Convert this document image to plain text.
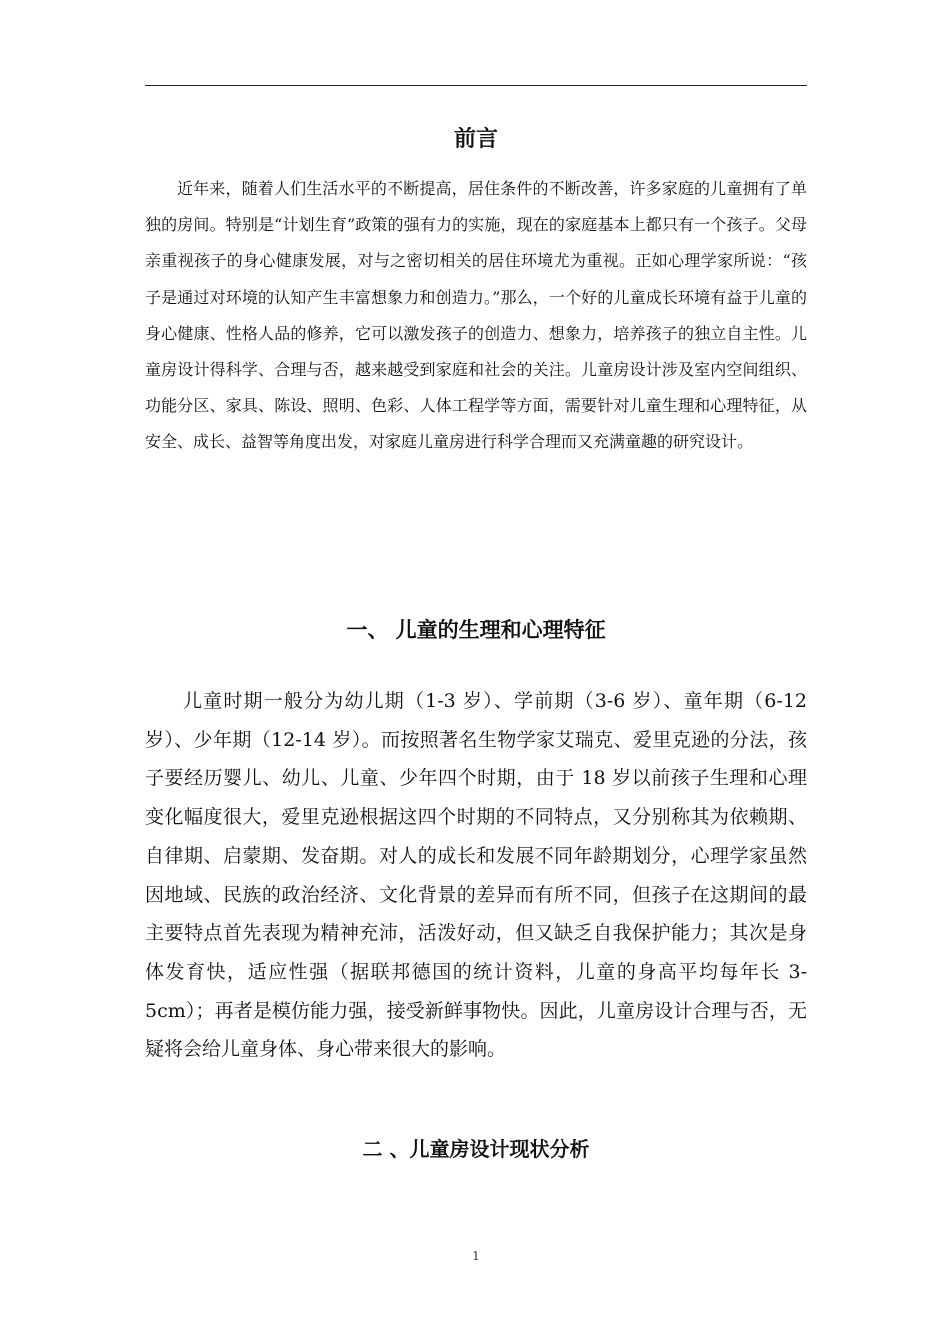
前言

近年来，随着人们生活水平的不断提高，居住条件的不断改善，许多家庭的儿童拥有了单独的房间。特别是“计划生育”政策的强有力的实施，现在的家庭基本上都只有一个孩子。父母亲重视孩子的身心健康发展，对与之密切相关的居住环境尤为重视。正如心理学家所说：“孩子是通过对环境的认知产生丰富想象力和创造力。”那么，一个好的儿童成长环境有益于儿童的身心健康、性格人品的修养，它可以激发孩子的创造力、想象力，培养孩子的独立自主性。儿童房设计得科学、合理与否，越来越受到家庭和社会的关注。儿童房设计涉及室内空间组织、功能分区、家具、陈设、照明、色彩、人体工程学等方面，需要针对儿童生理和心理特征，从安全、成长、益智等角度出发，对家庭儿童房进行科学合理而又充满童趣的研究设计。

一、 儿童的生理和心理特征

儿童时期一般分为幼儿期（1-3 岁）、学前期（3-6 岁）、童年期（6-12 岁）、少年期（12-14 岁）。而按照著名生物学家艾瑞克、爱里克逊的分法，孩子要经历婴儿、幼儿、儿童、少年四个时期，由于 18 岁以前孩子生理和心理变化幅度很大，爱里克逊根据这四个时期的不同特点，又分别称其为依赖期、自律期、启蒙期、发奋期。对人的成长和发展不同年龄期划分，心理学家虽然因地域、民族的政治经济、文化背景的差异而有所不同，但孩子在这期间的最主要特点首先表现为精神充沛，活泼好动，但又缺乏自我保护能力；其次是身体发育快，适应性强（据联邦德国的统计资料，儿童的身高平均每年长 3-5cm）；再者是模仿能力强，接受新鲜事物快。因此，儿童房设计合理与否，无疑将会给儿童身体、身心带来很大的影响。

二 、儿童房设计现状分析
1
